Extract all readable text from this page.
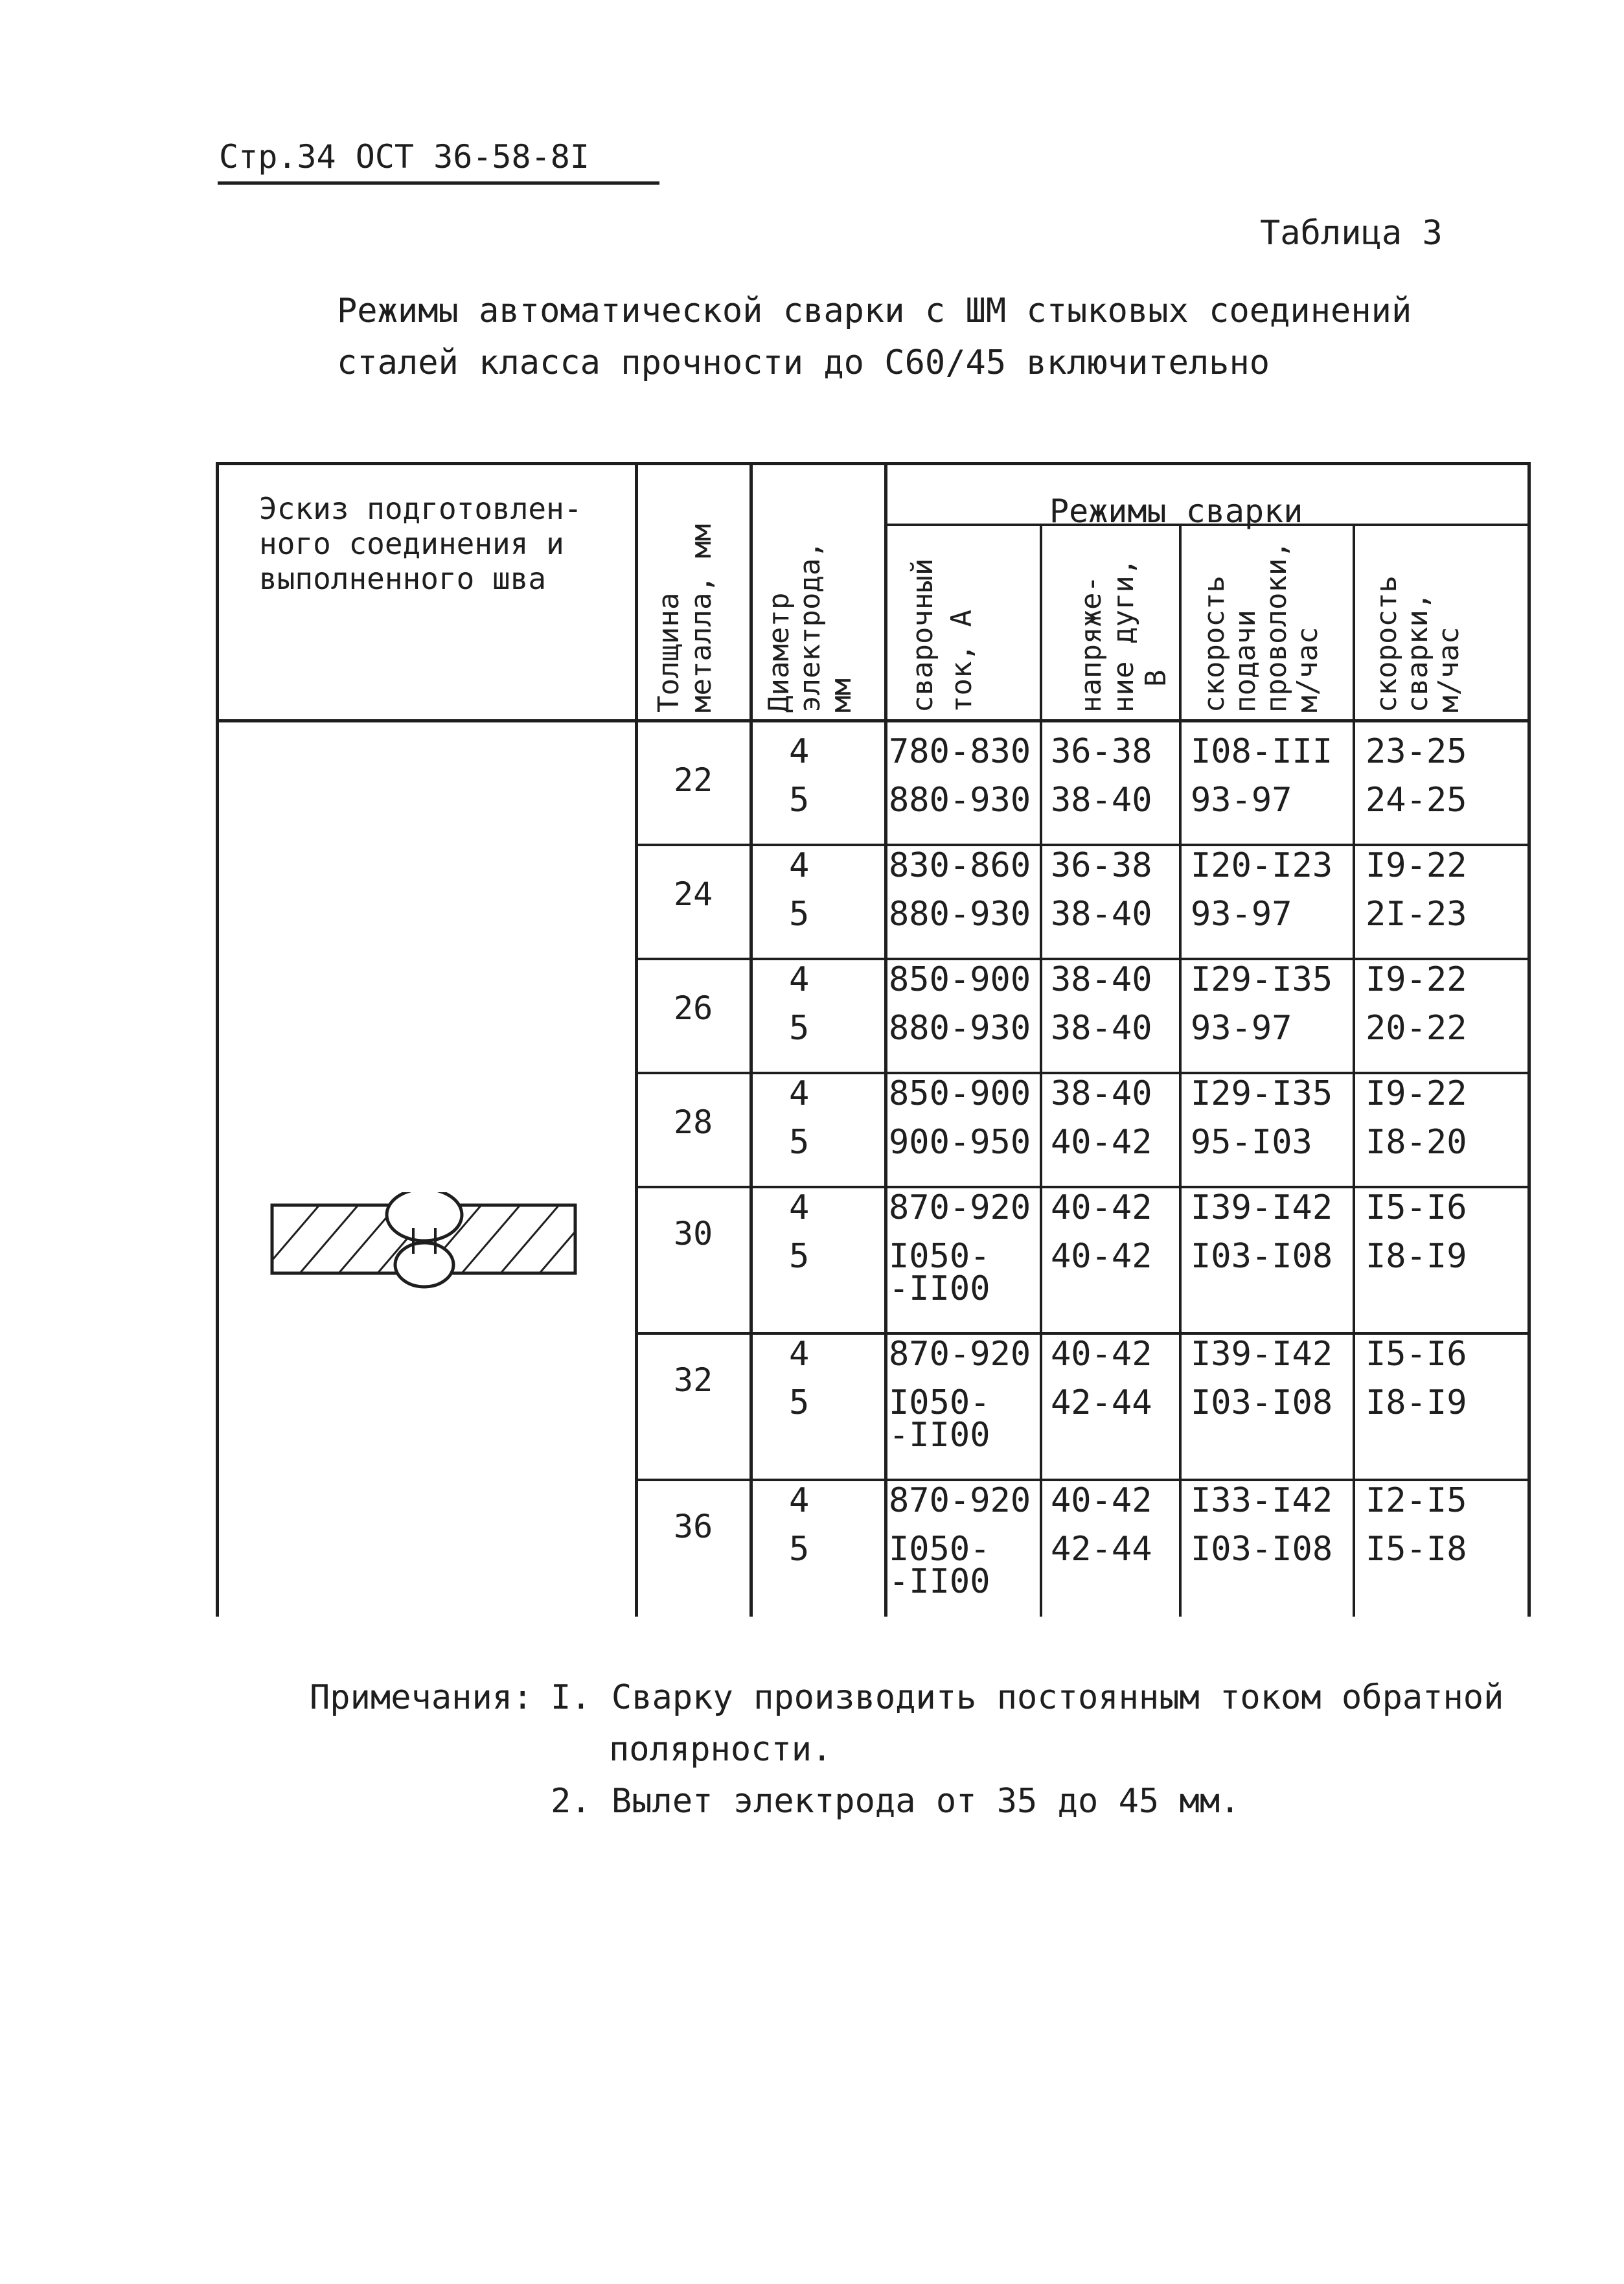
Стр.34 ОСТ 36-58-8I
Таблица 3
Режимы автоматической сварки с ШМ стыковых соединений
сталей класса прочности до С60/45 включительно
Эскиз подготовлен-
ного соединения и
выполненного шва
Толщина металла, мм Диаметр
электрода,
мм
Режимы сварки
сварочный ток, А	напряже- ние дуги, В скорость
подачи
проволоки,
м/час скорость
сварки,
м/час
22
4 780-830 36-38 I08-III 23-25
5 880-930 38-40 93-97 24-25
24
4 830-860 36-38 I20-I23 I9-22
5 880-930 38-40 93-97 2I-23
26
4 850-900 38-40 I29-I35 I9-22
5 880-930 38-40 93-97 20-22
28
4 850-900 38-40 I29-I35 I9-22
5 900-950 40-42 95-I03 I8-20
30
4 870-920 40-42 I39-I42 I5-I6
5 I050-
-II00
40-42 I03-I08 I8-I9
32
4 870-920 40-42 I39-I42 I5-I6
5 I050-
-II00
42-44 I03-I08 I8-I9
36
4 870-920 40-42 I33-I42 I2-I5
5 I050-
-II00
42-44 I03-I08 I5-I8
Примечания: I. Сварку производить постоянным током обратной
полярности.
2. Вылет электрода от 35 до 45 мм.
